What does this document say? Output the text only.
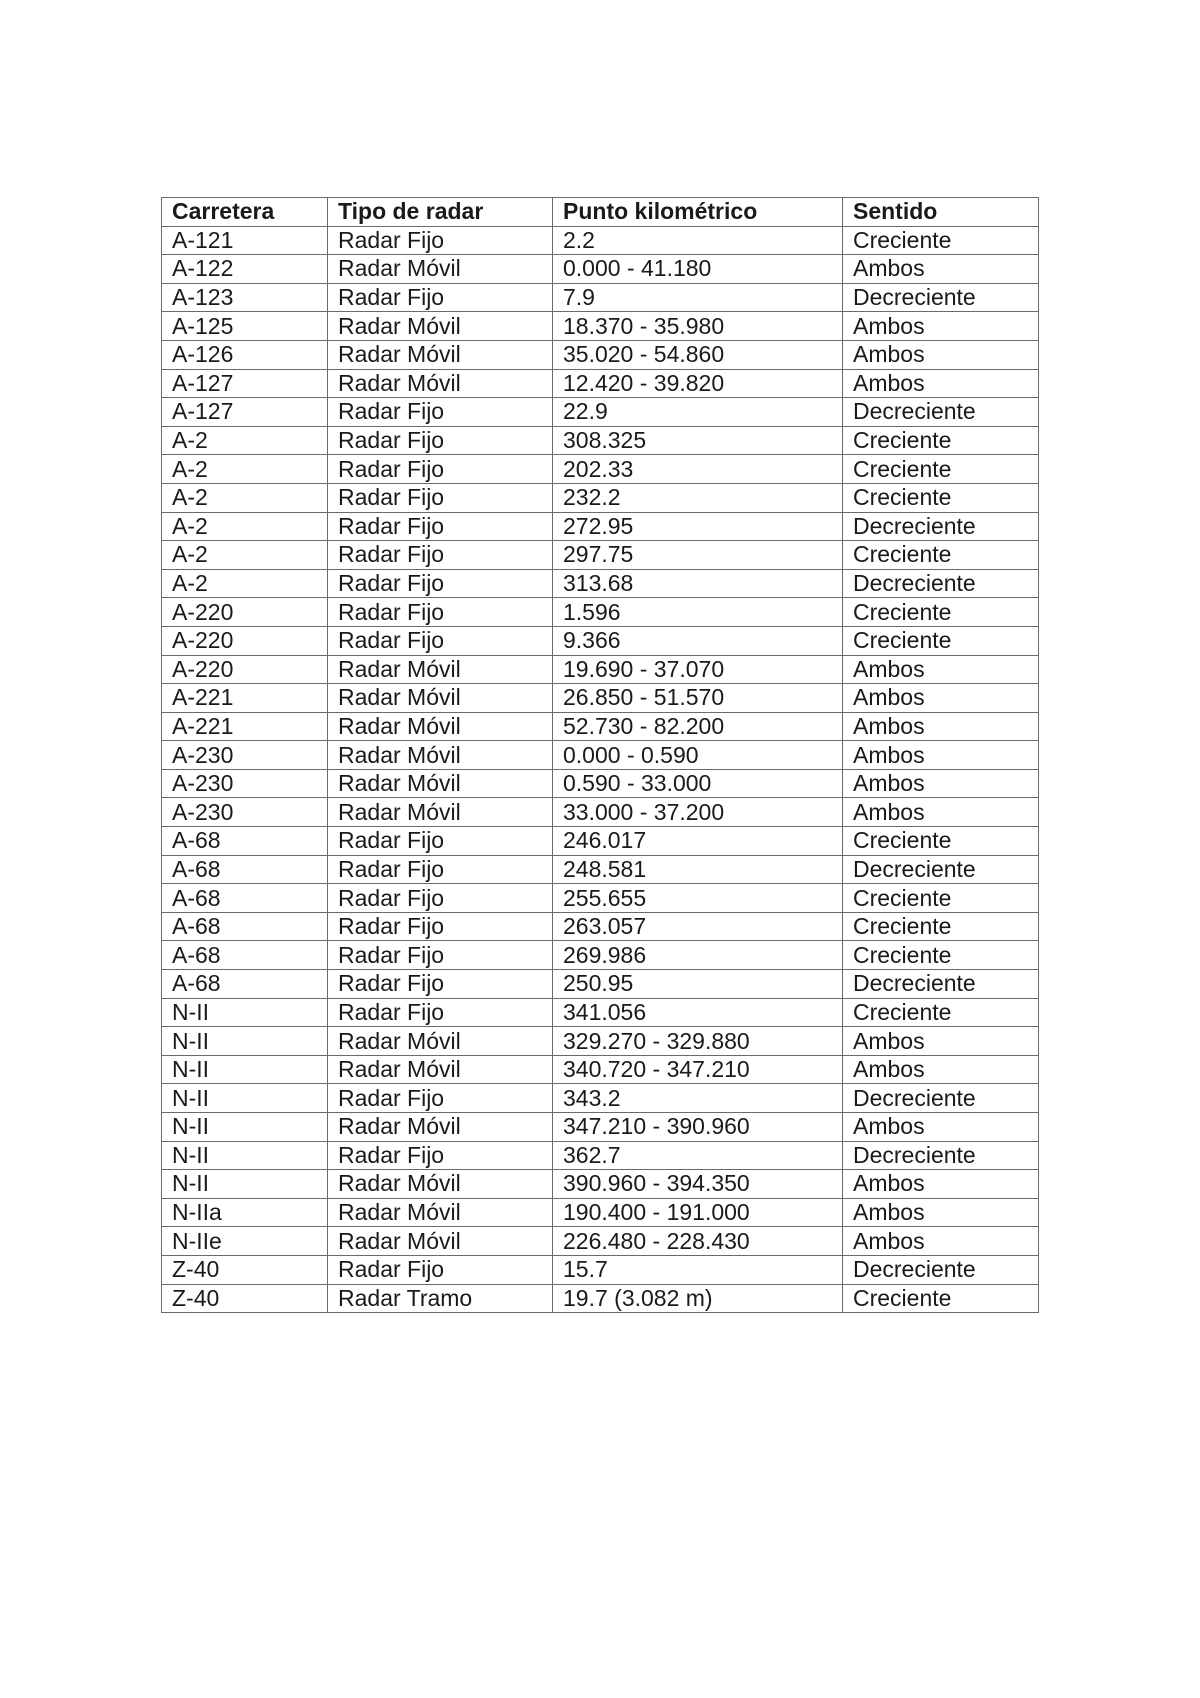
Carretera	Tipo de radar	Punto kilométrico	Sentido
A-121	Radar Fijo	2.2	Creciente
A-122	Radar Móvil	0.000 - 41.180	Ambos
A-123	Radar Fijo	7.9	Decreciente
A-125	Radar Móvil	18.370 - 35.980	Ambos
A-126	Radar Móvil	35.020 - 54.860	Ambos
A-127	Radar Móvil	12.420 - 39.820	Ambos
A-127	Radar Fijo	22.9	Decreciente
A-2	Radar Fijo	308.325	Creciente
A-2	Radar Fijo	202.33	Creciente
A-2	Radar Fijo	232.2	Creciente
A-2	Radar Fijo	272.95	Decreciente
A-2	Radar Fijo	297.75	Creciente
A-2	Radar Fijo	313.68	Decreciente
A-220	Radar Fijo	1.596	Creciente
A-220	Radar Fijo	9.366	Creciente
A-220	Radar Móvil	19.690 - 37.070	Ambos
A-221	Radar Móvil	26.850 - 51.570	Ambos
A-221	Radar Móvil	52.730 - 82.200	Ambos
A-230	Radar Móvil	0.000 - 0.590	Ambos
A-230	Radar Móvil	0.590 - 33.000	Ambos
A-230	Radar Móvil	33.000 - 37.200	Ambos
A-68	Radar Fijo	246.017	Creciente
A-68	Radar Fijo	248.581	Decreciente
A-68	Radar Fijo	255.655	Creciente
A-68	Radar Fijo	263.057	Creciente
A-68	Radar Fijo	269.986	Creciente
A-68	Radar Fijo	250.95	Decreciente
N-II	Radar Fijo	341.056	Creciente
N-II	Radar Móvil	329.270 - 329.880	Ambos
N-II	Radar Móvil	340.720 - 347.210	Ambos
N-II	Radar Fijo	343.2	Decreciente
N-II	Radar Móvil	347.210 - 390.960	Ambos
N-II	Radar Fijo	362.7	Decreciente
N-II	Radar Móvil	390.960 - 394.350	Ambos
N-IIa	Radar Móvil	190.400 - 191.000	Ambos
N-IIe	Radar Móvil	226.480 - 228.430	Ambos
Z-40	Radar Fijo	15.7	Decreciente
Z-40	Radar Tramo	19.7 (3.082 m)	Creciente
